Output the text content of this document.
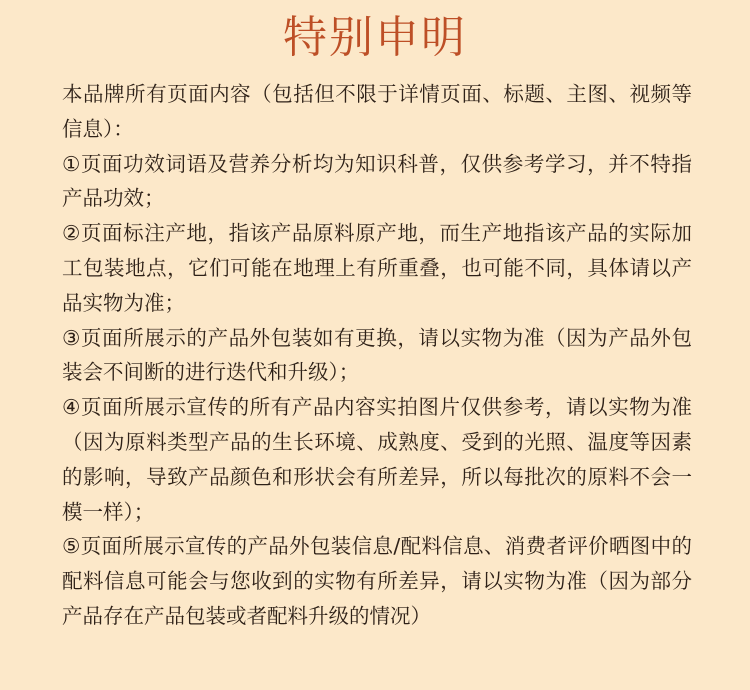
特别申明

本品牌所有页面内容（包括但不限于详情页面、标题、主图、视频等信息）：

①页面功效词语及营养分析均为知识科普，仅供参考学习，并不特指产品功效；

②页面标注产地，指该产品原料原产地，而生产地指该产品的实际加工包装地点，它们可能在地理上有所重叠，也可能不同，具体请以产品实物为准；

③页面所展示的产品外包装如有更换，请以实物为准（因为产品外包装会不间断的进行迭代和升级）；

④页面所展示宣传的所有产品内容实拍图片仅供参考，请以实物为准（因为原料类型产品的生长环境、成熟度、受到的光照、温度等因素的影响，导致产品颜色和形状会有所差异，所以每批次的原料不会一模一样）；

⑤页面所展示宣传的产品外包装信息/配料信息、消费者评价晒图中的配料信息可能会与您收到的实物有所差异，请以实物为准（因为部分产品存在产品包装或者配料升级的情况）
